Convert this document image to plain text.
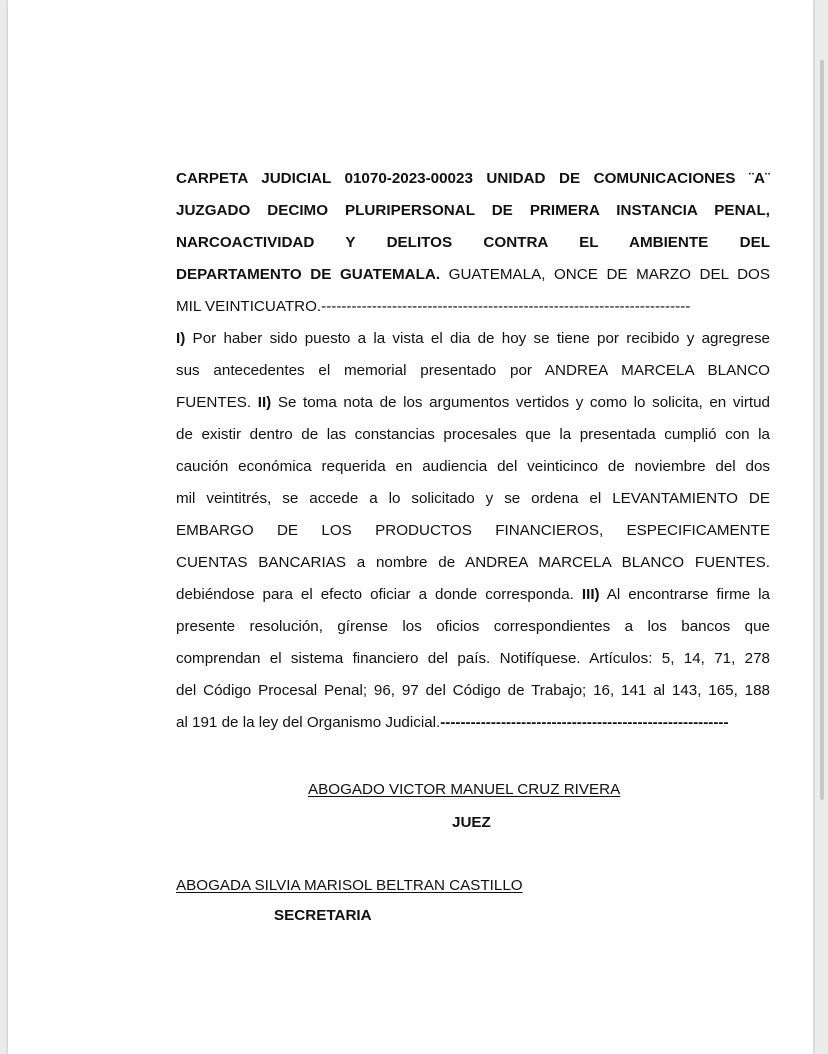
CARPETA JUDICIAL 01070-2023-00023 UNIDAD DE COMUNICACIONES ¨A¨
JUZGADO DECIMO PLURIPERSONAL DE PRIMERA INSTANCIA PENAL,
NARCOACTIVIDAD Y DELITOS CONTRA EL AMBIENTE DEL
DEPARTAMENTO DE GUATEMALA. GUATEMALA, ONCE DE MARZO DEL DOS
MIL VEINTICUATRO.-------------------------------------------------------------------------
I) Por haber sido puesto a la vista el dia de hoy se tiene por recibido y agregrese
sus antecedentes el memorial presentado por ANDREA MARCELA BLANCO
FUENTES. II) Se toma nota de los argumentos vertidos y como lo solicita, en virtud
de existir dentro de las constancias procesales que la presentada cumplió con la
caución económica requerida en audiencia del veinticinco de noviembre del dos
mil veintitrés, se accede a lo solicitado y se ordena el LEVANTAMIENTO DE
EMBARGO DE LOS PRODUCTOS FINANCIEROS, ESPECIFICAMENTE
CUENTAS BANCARIAS a nombre de ANDREA MARCELA BLANCO FUENTES.
debiéndose para el efecto oficiar a donde corresponda. III) Al encontrarse firme la
presente resolución, gírense los oficios correspondientes a los bancos que
comprendan el sistema financiero del país. Notifíquese. Artículos: 5, 14, 71, 278
del Código Procesal Penal; 96, 97 del Código de Trabajo; 16, 141 al 143, 165, 188
al 191 de la ley del Organismo Judicial.---------------------------------------------------------
ABOGADO VICTOR MANUEL CRUZ RIVERA
JUEZ
ABOGADA SILVIA MARISOL BELTRAN CASTILLO
SECRETARIA
